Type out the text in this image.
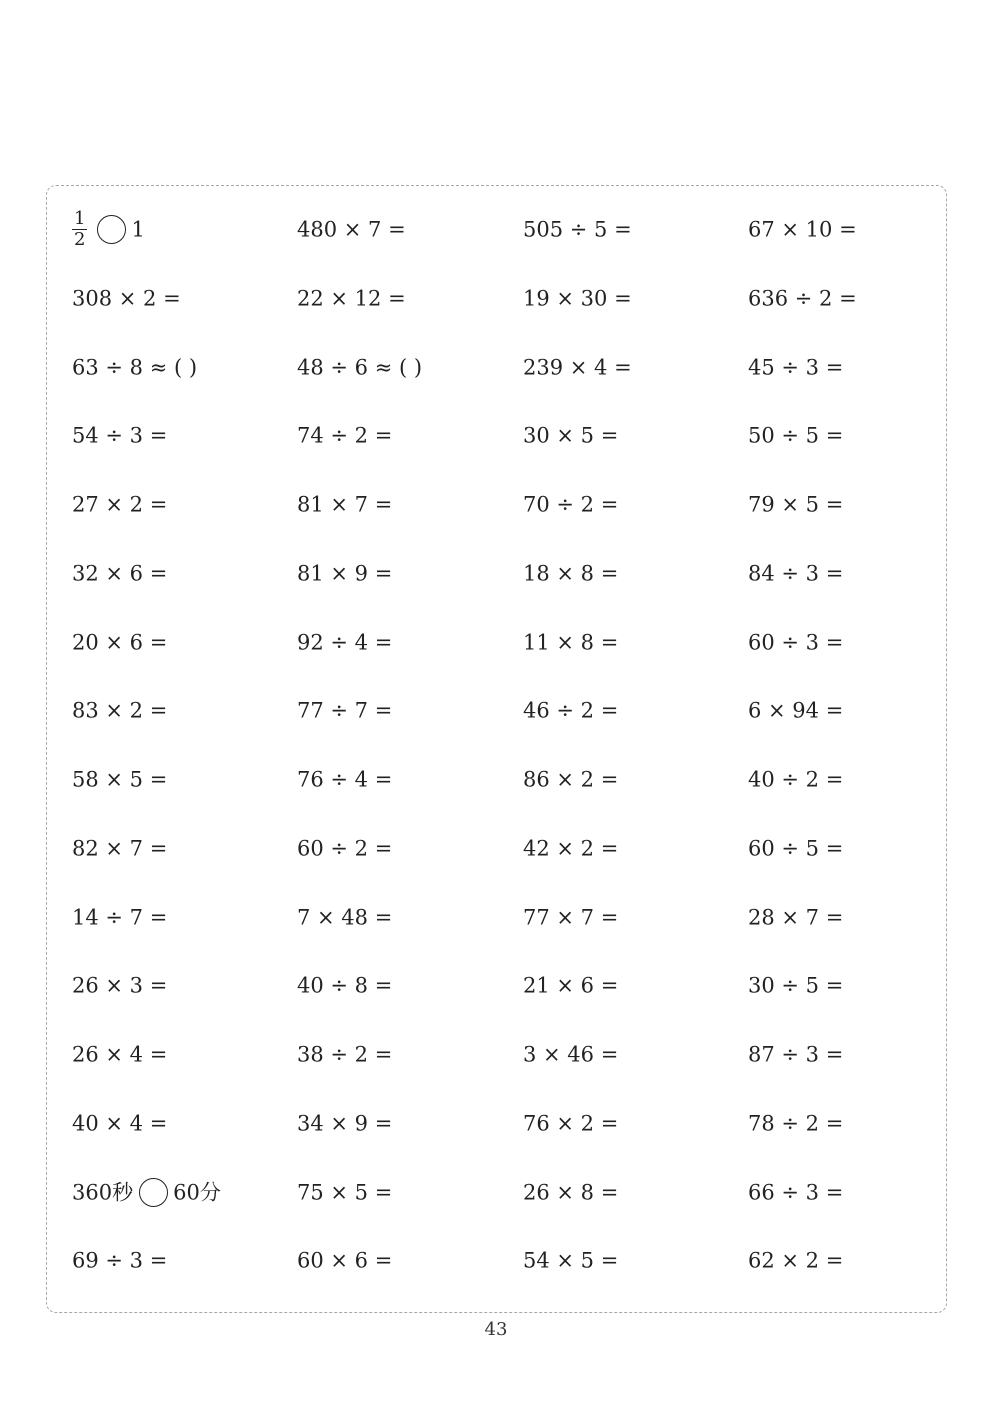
43
$\frac{1}{2} 1$	480 × 7 =	505 ÷ 5 =	67 × 10 =
308 × 2 =	22 × 12 =	19 × 30 =	636 ÷ 2 =
63 ÷ 8 ≈ ( )	48 ÷ 6 ≈ ( )	239 × 4 =	45 ÷ 3 =
54 ÷ 3 =	74 ÷ 2 =	30 × 5 =	50 ÷ 5 =
27 × 2 =	81 × 7 =	70 ÷ 2 =	79 × 5 =
32 × 6 =	81 × 9 =	18 × 8 =	84 ÷ 3 =
20 × 6 =	92 ÷ 4 =	11 × 8 =	60 ÷ 3 =
83 × 2 =	77 ÷ 7 =	46 ÷ 2 =	6 × 94 =
58 × 5 =	76 ÷ 4 =	86 × 2 =	40 ÷ 2 =
82 × 7 =	60 ÷ 2 =	42 × 2 =	60 ÷ 5 =
14 ÷ 7 =	7 × 48 =	77 × 7 =	28 × 7 =
26 × 3 =	40 ÷ 8 =	21 × 6 =	30 ÷ 5 =
26 × 4 =	38 ÷ 2 =	3 × 46 =	87 ÷ 3 =
40 × 4 =	34 × 9 =	76 × 2 =	78 ÷ 2 =
360秒 60分	75 × 5 =	26 × 8 =	66 ÷ 3 =
69 ÷ 3 =	60 × 6 =	54 × 5 =	62 × 2 =
